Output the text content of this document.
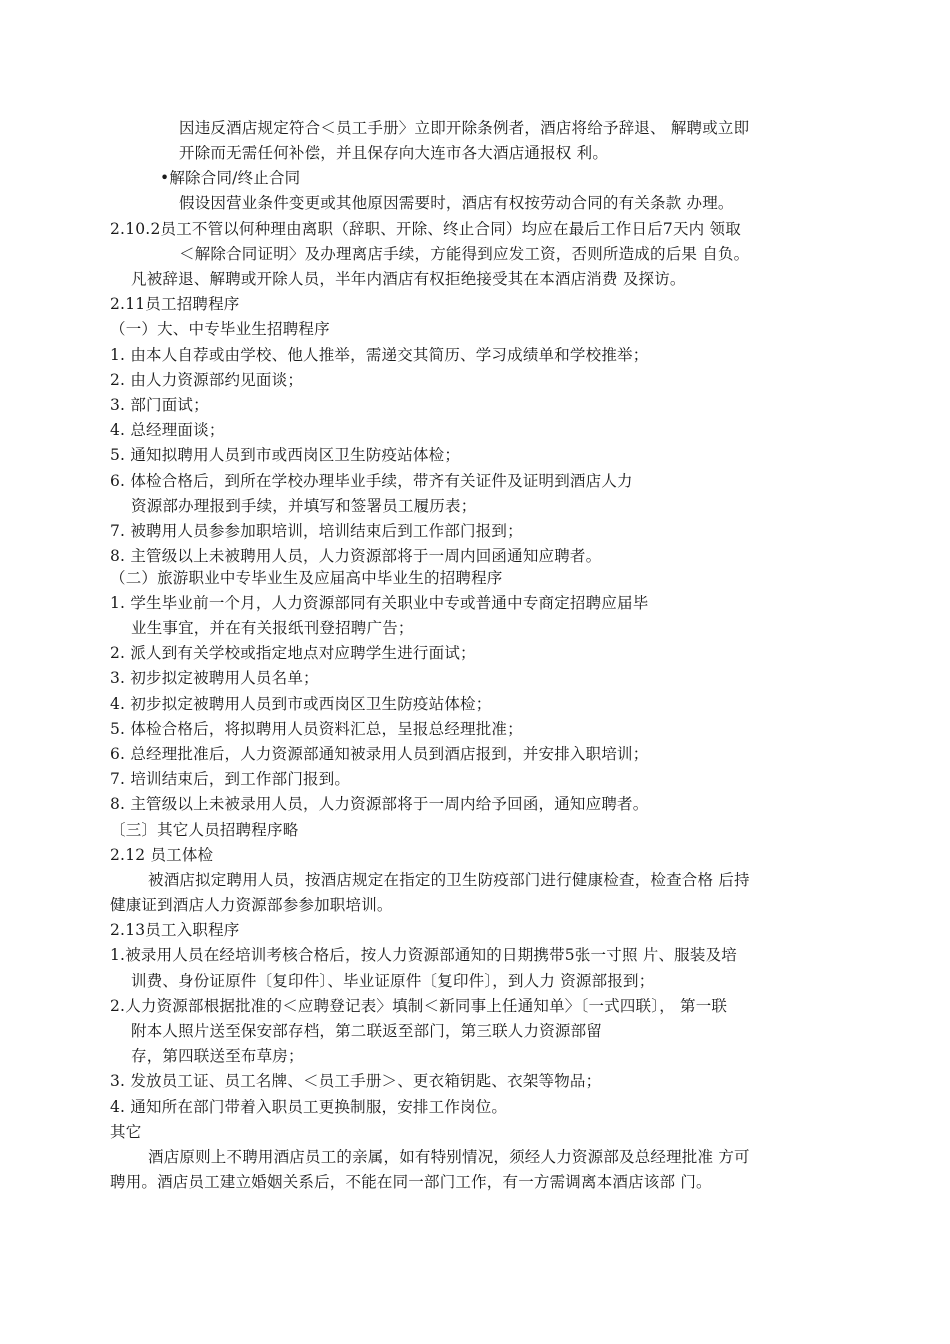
因违反酒店规定符合＜员工手册〉立即开除条例者，酒店将给予辞退、 解聘或立即
开除而无需任何补偿，并且保存向大连市各大酒店通报权 利。
•解除合同/终止合同
假设因营业条件变更或其他原因需要时，酒店有权按劳动合同的有关条款 办理。
2.10.2员工不管以何种理由离职（辞职、开除、终止合同）均应在最后工作日后7天内 领取
＜解除合同证明〉及办理离店手续，方能得到应发工资，否则所造成的后果 自负。
凡被辞退、解聘或开除人员，半年内酒店有权拒绝接受其在本酒店消费 及探访。
2.11员工招聘程序
（一）大、中专毕业生招聘程序
1. 由本人自荐或由学校、他人推举，需递交其简历、学习成绩单和学校推举；
2. 由人力资源部约见面谈；
3. 部门面试；
4. 总经理面谈；
5. 通知拟聘用人员到市或西岗区卫生防疫站体检；
6. 体检合格后，到所在学校办理毕业手续，带齐有关证件及证明到酒店人力
资源部办理报到手续，并填写和签署员工履历表；
7. 被聘用人员参参加职培训，培训结束后到工作部门报到；
8. 主管级以上未被聘用人员，人力资源部将于一周内回函通知应聘者。
（二）旅游职业中专毕业生及应届高中毕业生的招聘程序
1. 学生毕业前一个月，人力资源部同有关职业中专或普通中专商定招聘应届毕
业生事宜，并在有关报纸刊登招聘广告；
2. 派人到有关学校或指定地点对应聘学生进行面试；
3. 初步拟定被聘用人员名单；
4. 初步拟定被聘用人员到市或西岗区卫生防疫站体检；
5. 体检合格后，将拟聘用人员资料汇总，呈报总经理批准；
6. 总经理批准后，人力资源部通知被录用人员到酒店报到，并安排入职培训；
7. 培训结束后，到工作部门报到。
8. 主管级以上未被录用人员，人力资源部将于一周内给予回函，通知应聘者。
〔三〕其它人员招聘程序略
2.12 员工体检
被酒店拟定聘用人员，按酒店规定在指定的卫生防疫部门进行健康检查，检查合格 后持
健康证到酒店人力资源部参参加职培训。
2.13员工入职程序
1.被录用人员在经培训考核合格后，按人力资源部通知的日期携带5张一寸照 片、服装及培
训费、身份证原件〔复印件〕、毕业证原件〔复印件〕，到人力 资源部报到；
2.人力资源部根据批准的＜应聘登记表〉填制＜新同事上任通知单〉〔一式四联〕， 第一联
附本人照片送至保安部存档，第二联返至部门，第三联人力资源部留
存，第四联送至布草房；
3. 发放员工证、员工名牌、＜员工手册＞、更衣箱钥匙、衣架等物品；
4. 通知所在部门带着入职员工更换制服，安排工作岗位。
其它
酒店原则上不聘用酒店员工的亲属，如有特别情况，须经人力资源部及总经理批准 方可
聘用。酒店员工建立婚姻关系后，不能在同一部门工作，有一方需调离本酒店该部 门。
